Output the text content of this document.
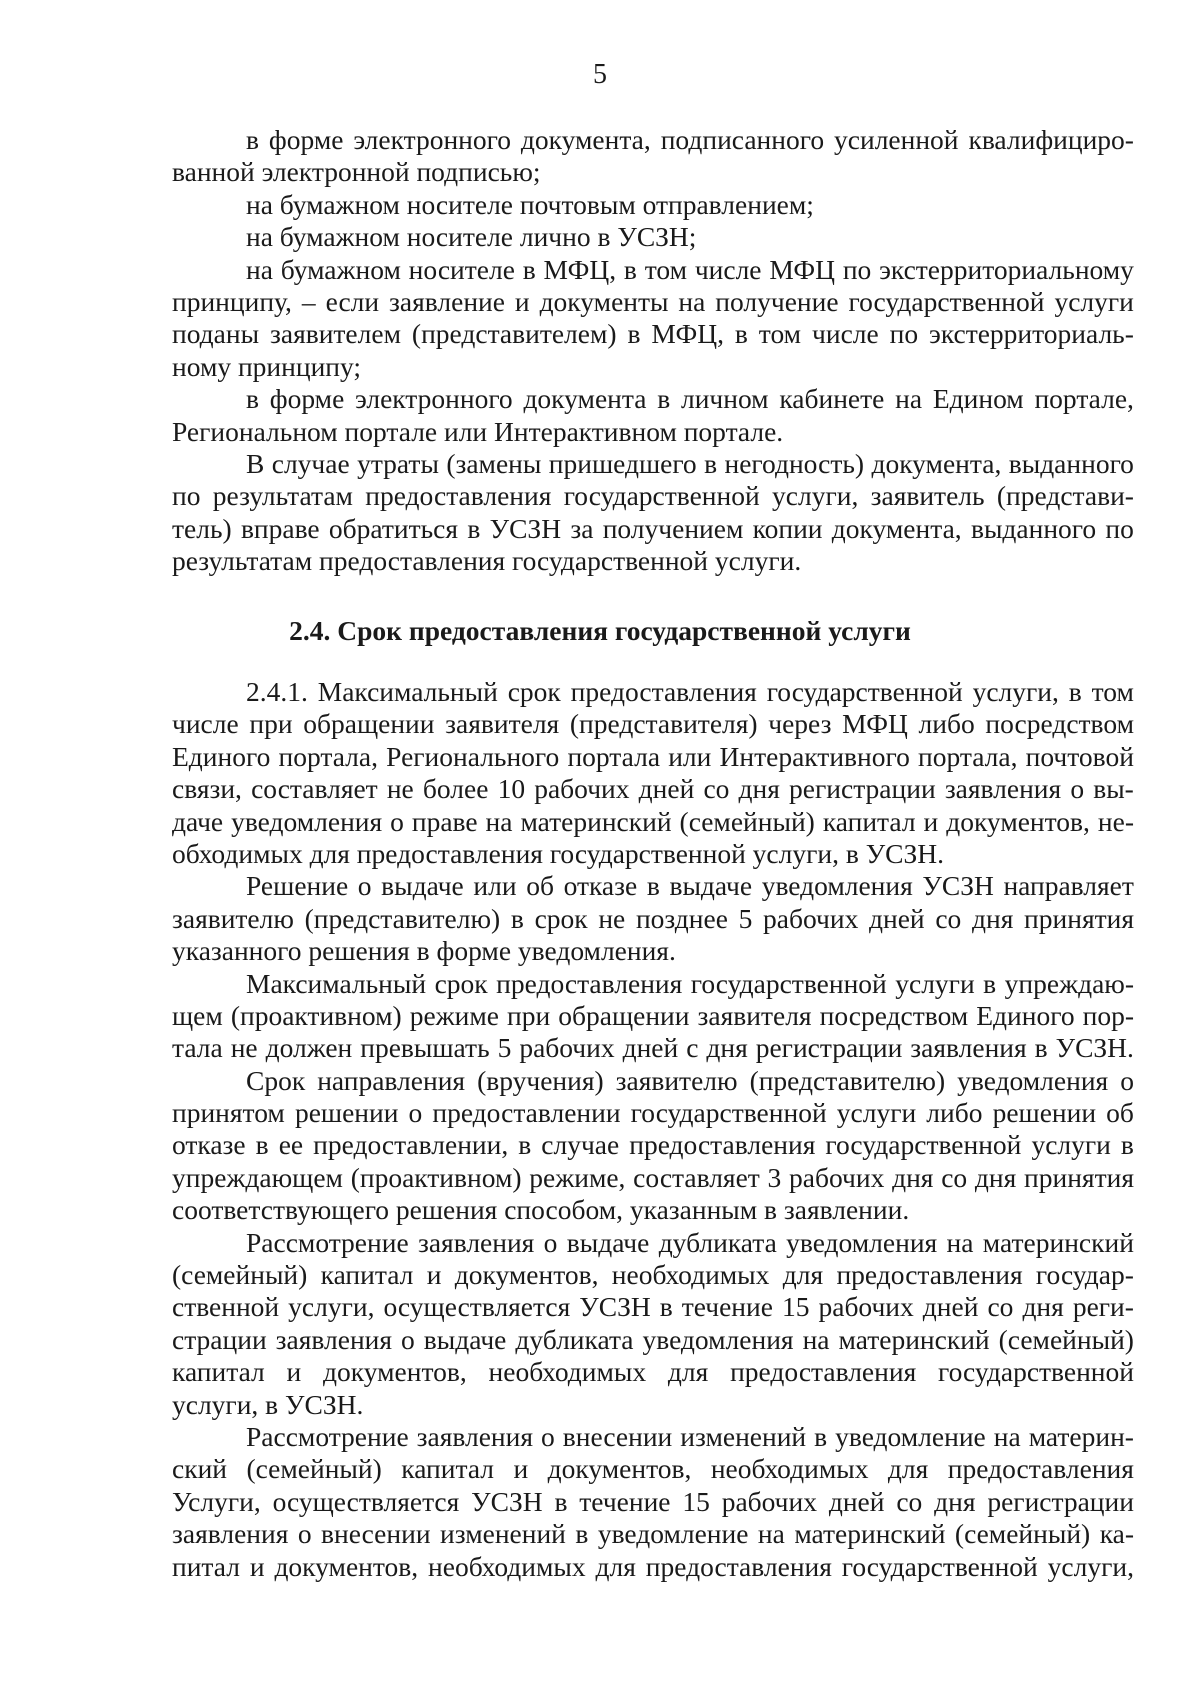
5
в форме электронного документа, подписанного усиленной квалифициро-
ванной электронной подписью;
на бумажном носителе почтовым отправлением;
на бумажном носителе лично в УСЗН;
на бумажном носителе в МФЦ, в том числе МФЦ по экстерриториальному
принципу, – если заявление и документы на получение государственной услуги
поданы заявителем (представителем) в МФЦ, в том числе по экстерриториаль-
ному принципу;
в форме электронного документа в личном кабинете на Едином портале,
Региональном портале или Интерактивном портале.
В случае утраты (замены пришедшего в негодность) документа, выданного
по результатам предоставления государственной услуги, заявитель (представи-
тель) вправе обратиться в УСЗН за получением копии документа, выданного по
результатам предоставления государственной услуги.
2.4. Срок предоставления государственной услуги
2.4.1. Максимальный срок предоставления государственной услуги, в том
числе при обращении заявителя (представителя) через МФЦ либо посредством
Единого портала, Регионального портала или Интерактивного портала, почтовой
связи, составляет не более 10 рабочих дней со дня регистрации заявления о вы-
даче уведомления о праве на материнский (семейный) капитал и документов, не-
обходимых для предоставления государственной услуги, в УСЗН.
Решение о выдаче или об отказе в выдаче уведомления УСЗН направляет
заявителю (представителю) в срок не позднее 5 рабочих дней со дня принятия
указанного решения в форме уведомления.
Максимальный срок предоставления государственной услуги в упреждаю-
щем (проактивном) режиме при обращении заявителя посредством Единого пор-
тала не должен превышать 5 рабочих дней с дня регистрации заявления в УСЗН.
Срок направления (вручения) заявителю (представителю) уведомления о
принятом решении о предоставлении государственной услуги либо решении об
отказе в ее предоставлении, в случае предоставления государственной услуги в
упреждающем (проактивном) режиме, составляет 3 рабочих дня со дня принятия
соответствующего решения способом, указанным в заявлении.
Рассмотрение заявления о выдаче дубликата уведомления на материнский
(семейный) капитал и документов, необходимых для предоставления государ-
ственной услуги, осуществляется УСЗН в течение 15 рабочих дней со дня реги-
страции заявления о выдаче дубликата уведомления на материнский (семейный)
капитал и документов, необходимых для предоставления государственной
услуги, в УСЗН.
Рассмотрение заявления о внесении изменений в уведомление на материн-
ский (семейный) капитал и документов, необходимых для предоставления
Услуги, осуществляется УСЗН в течение 15 рабочих дней со дня регистрации
заявления о внесении изменений в уведомление на материнский (семейный) ка-
питал и документов, необходимых для предоставления государственной услуги,
